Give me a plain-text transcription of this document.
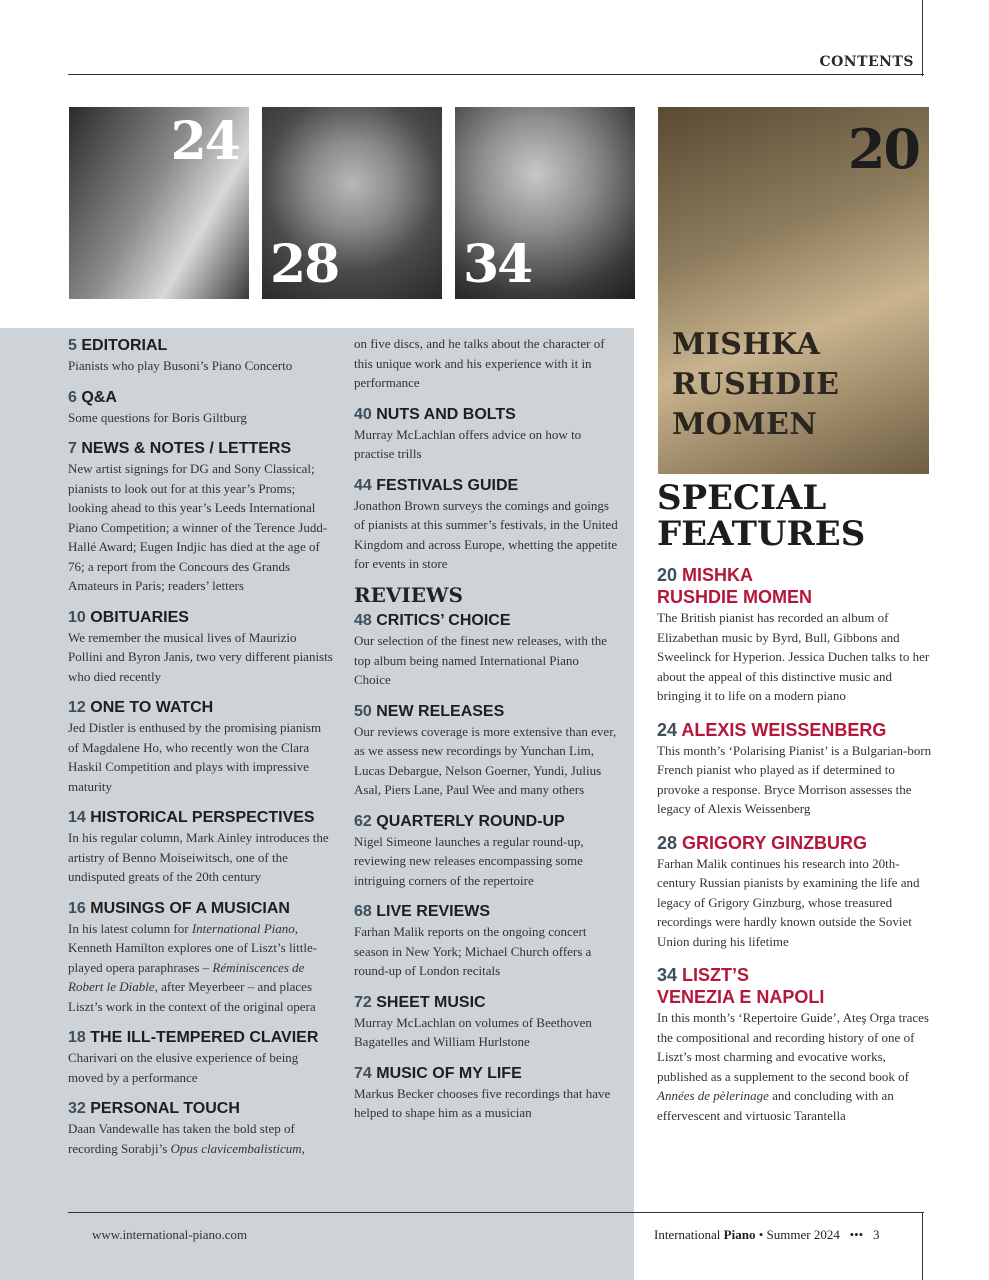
CONTENTS
24
28 34
20
MISHKA
RUSHDIE
MOMEN
5 EDITORIAL

Pianists who play Busoni’s Piano Concerto

6 Q&A

Some questions for Boris Giltburg

7 NEWS & NOTES / LETTERS

New artist signings for DG and Sony Classical; pianists to look out for at this year’s Proms; looking ahead to this year’s Leeds International Piano Competition; a winner of the Terence Judd-Hallé Award; Eugen Indjic has died at the age of 76; a report from the Concours des Grands Amateurs in Paris; readers’ letters

10 OBITUARIES

We remember the musical lives of Maurizio Pollini and Byron Janis, two very different pianists who died recently

12 ONE TO WATCH

Jed Distler is enthused by the promising pianism of Magdalene Ho, who recently won the Clara Haskil Competition and plays with impressive maturity

14 HISTORICAL PERSPECTIVES

In his regular column, Mark Ainley introduces the artistry of Benno Moiseiwitsch, one of the undisputed greats of the 20th century

16 MUSINGS OF A MUSICIAN

In his latest column for International Piano, Kenneth Hamilton explores one of Liszt’s little-played opera paraphrases – Réminiscences de Robert le Diable, after Meyerbeer – and places Liszt’s work in the context of the original opera

18 THE ILL-TEMPERED CLAVIER

Charivari on the elusive experience of being moved by a performance

32 PERSONAL TOUCH

Daan Vandewalle has taken the bold step of recording Sorabji’s Opus clavicembalisticum,

on five discs, and he talks about the character of this unique work and his experience with it in performance

40 NUTS AND BOLTS

Murray McLachlan offers advice on how to practise trills

44 FESTIVALS GUIDE

Jonathon Brown surveys the comings and goings of pianists at this summer’s festivals, in the United Kingdom and across Europe, whetting the appetite for events in store

REVIEWS
48 CRITICS’ CHOICE

Our selection of the finest new releases, with the top album being named International Piano Choice

50 NEW RELEASES

Our reviews coverage is more extensive than ever, as we assess new recordings by Yunchan Lim, Lucas Debargue, Nelson Goerner, Yundi, Julius Asal, Piers Lane, Paul Wee and many others

62 QUARTERLY ROUND-UP

Nigel Simeone launches a regular round-up, reviewing new releases encompassing some intriguing corners of the repertoire

68 LIVE REVIEWS

Farhan Malik reports on the ongoing concert season in New York; Michael Church offers a round-up of London recitals

72 SHEET MUSIC

Murray McLachlan on volumes of Beethoven Bagatelles and William Hurlstone

74 MUSIC OF MY LIFE

Markus Becker chooses five recordings that have helped to shape him as a musician

SPECIAL
FEATURES
20 MISHKA
RUSHDIE MOMEN

The British pianist has recorded an album of Elizabethan music by Byrd, Bull, Gibbons and Sweelinck for Hyperion. Jessica Duchen talks to her about the appeal of this distinctive music and bringing it to life on a modern piano

24 ALEXIS WEISSENBERG

This month’s ‘Polarising Pianist’ is a Bulgarian-born French pianist who played as if determined to provoke a response. Bryce Morrison assesses the legacy of Alexis Weissenberg

28 GRIGORY GINZBURG

Farhan Malik continues his research into 20th-century Russian pianists by examining the life and legacy of Grigory Ginzburg, whose treasured recordings were hardly known outside the Soviet Union during his lifetime

34 LISZT’S
VENEZIA E NAPOLI

In this month’s ‘Repertoire Guide’, Ateş Orga traces the compositional and recording history of one of Liszt’s most charming and evocative works, published as a supplement to the second book of Années de pèlerinage and concluding with an effervescent and virtuosic Tarantella

www.international-piano.com	International Piano • Summer 2024 ••• 3
